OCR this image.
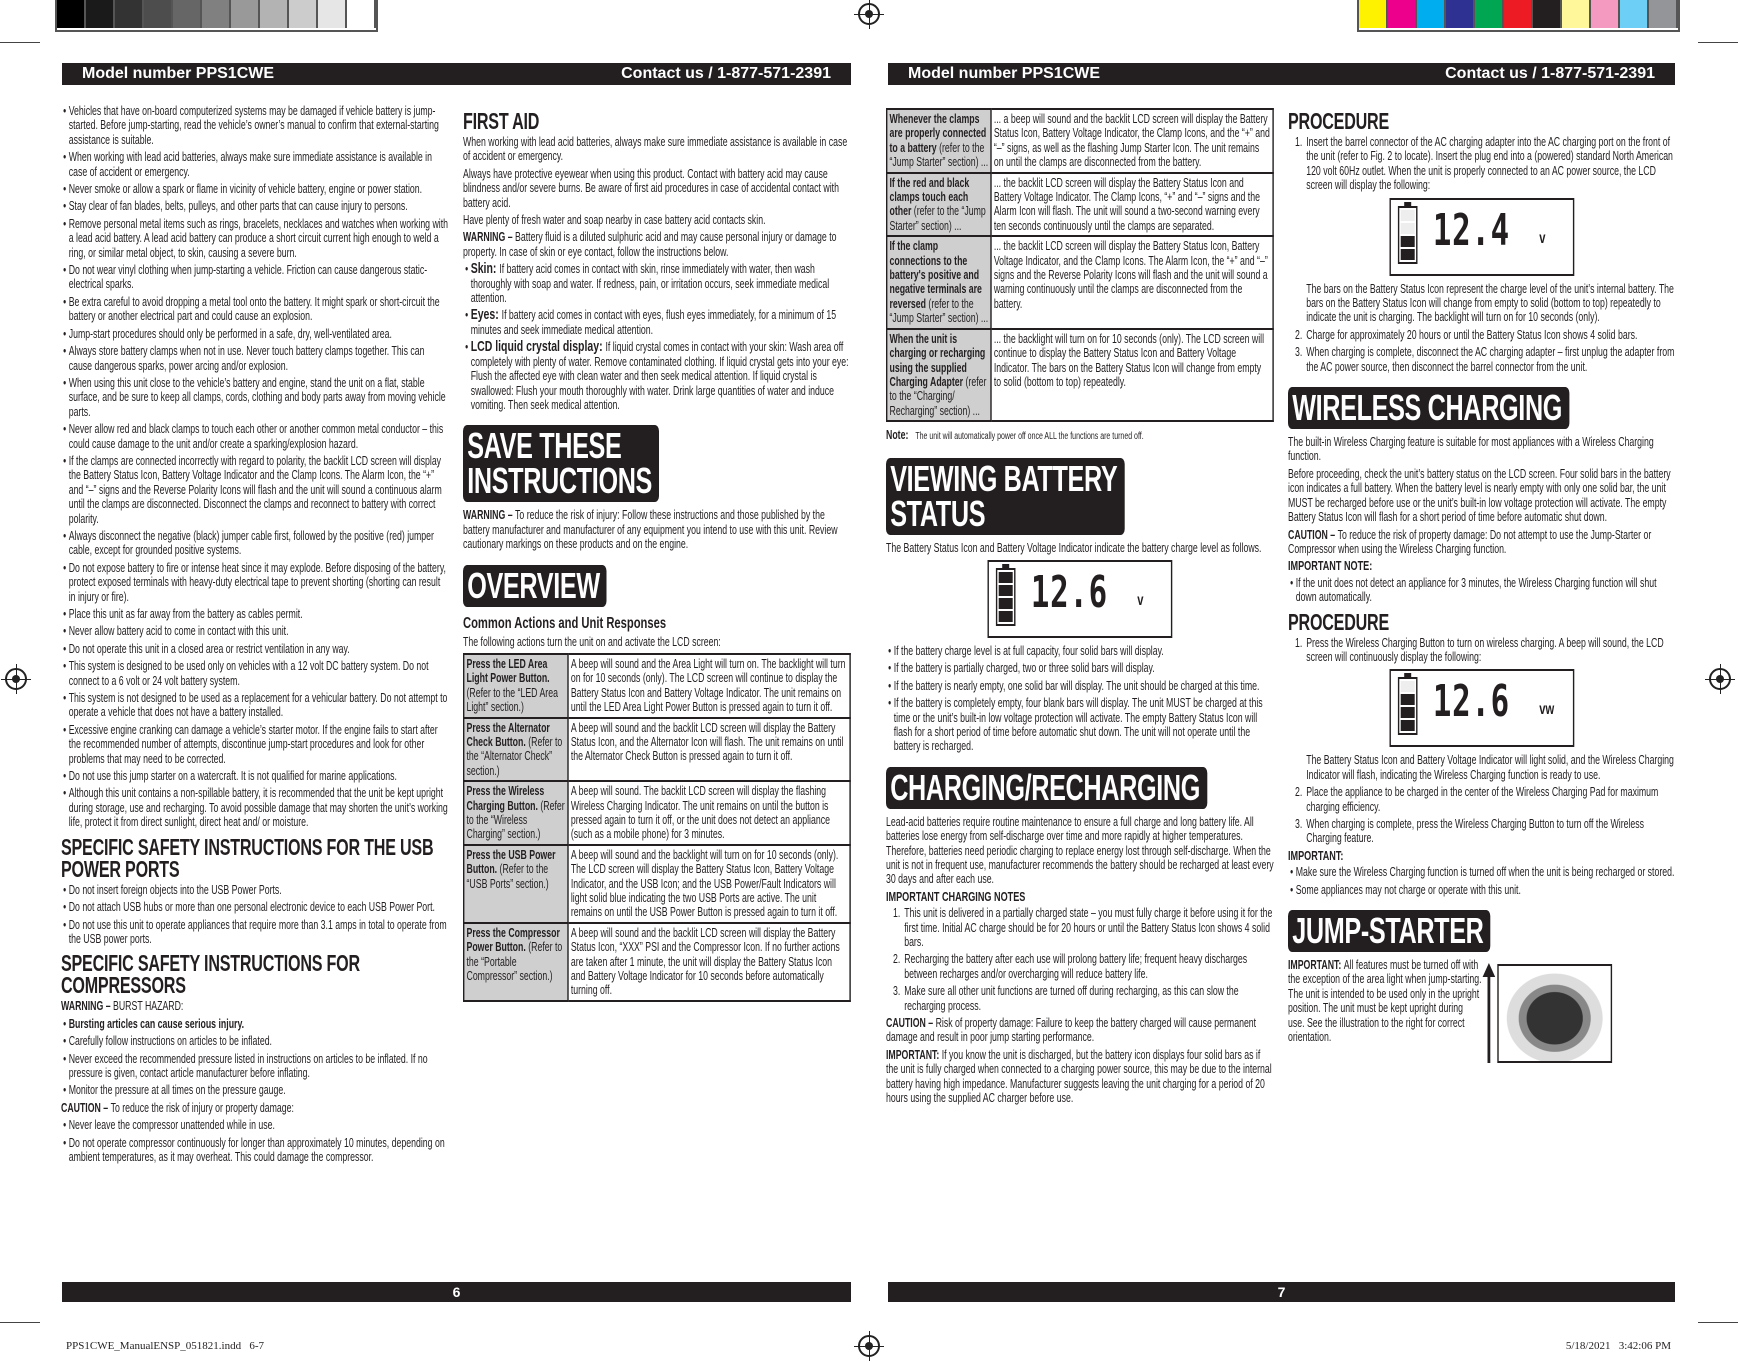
Model number PPS1CWE	Contact us / 1-877-571-2391	Model number PPS1CWE	Contact us / 1-877-571-2391

• Vehicles that have on-board computerized systems may be damaged if vehicle battery is jump-started. Before jump-starting, read the vehicle’s owner’s manual to confirm that external-starting assistance is suitable.

• When working with lead acid batteries, always make sure immediate assistance is available in case of accident or emergency.

• Never smoke or allow a spark or flame in vicinity of vehicle battery, engine or power station.

• Stay clear of fan blades, belts, pulleys, and other parts that can cause injury to persons.

• Remove personal metal items such as rings, bracelets, necklaces and watches when working with a lead acid battery. A lead acid battery can produce a short circuit current high enough to weld a ring, or similar metal object, to skin, causing a severe burn.

• Do not wear vinyl clothing when jump-starting a vehicle. Friction can cause dangerous static-electrical sparks.

• Be extra careful to avoid dropping a metal tool onto the battery. It might spark or short-circuit the battery or another electrical part and could cause an explosion.

• Jump-start procedures should only be performed in a safe, dry, well-ventilated area.

• Always store battery clamps when not in use. Never touch battery clamps together. This can cause dangerous sparks, power arcing and/or explosion.

• When using this unit close to the vehicle’s battery and engine, stand the unit on a flat, stable surface, and be sure to keep all clamps, cords, clothing and body parts away from moving vehicle parts.

• Never allow red and black clamps to touch each other or another common metal conductor – this could cause damage to the unit and/or create a sparking/explosion hazard.

• If the clamps are connected incorrectly with regard to polarity, the backlit LCD screen will display the Battery Status Icon, Battery Voltage Indicator and the Clamp Icons. The Alarm Icon, the “+” and “–” signs and the Reverse Polarity Icons will flash and the unit will sound a continuous alarm until the clamps are disconnected. Disconnect the clamps and reconnect to battery with correct polarity.

• Always disconnect the negative (black) jumper cable first, followed by the positive (red) jumper cable, except for grounded positive systems.

• Do not expose battery to fire or intense heat since it may explode. Before disposing of the battery, protect exposed terminals with heavy-duty electrical tape to prevent shorting (shorting can result in injury or fire).

• Place this unit as far away from the battery as cables permit.

• Never allow battery acid to come in contact with this unit.

• Do not operate this unit in a closed area or restrict ventilation in any way.

• This system is designed to be used only on vehicles with a 12 volt DC battery system. Do not connect to a 6 volt or 24 volt battery system.

• This system is not designed to be used as a replacement for a vehicular battery. Do not attempt to operate a vehicle that does not have a battery installed.

• Excessive engine cranking can damage a vehicle’s starter motor. If the engine fails to start after the recommended number of attempts, discontinue jump-start procedures and look for other problems that may need to be corrected.

• Do not use this jump starter on a watercraft. It is not qualified for marine applications.

• Although this unit contains a non-spillable battery, it is recommended that the unit be kept upright during storage, use and recharging. To avoid possible damage that may shorten the unit’s working life, protect it from direct sunlight, direct heat and/ or moisture.

SPECIFIC SAFETY INSTRUCTIONS FOR THE USB POWER PORTS

• Do not insert foreign objects into the USB Power Ports.

• Do not attach USB hubs or more than one personal electronic device to each USB Power Port.

• Do not use this unit to operate appliances that require more than 3.1 amps in total to operate from the USB power ports.

SPECIFIC SAFETY INSTRUCTIONS FOR COMPRESSORS

WARNING – BURST HAZARD:

• Bursting articles can cause serious injury.

• Carefully follow instructions on articles to be inflated.

• Never exceed the recommended pressure listed in instructions on articles to be inflated. If no pressure is given, contact article manufacturer before inflating.

• Monitor the pressure at all times on the pressure gauge.

CAUTION – To reduce the risk of injury or property damage:

• Never leave the compressor unattended while in use.

• Do not operate compressor continuously for longer than approximately 10 minutes, depending on ambient temperatures, as it may overheat. This could damage the compressor.

FIRST AID

When working with lead acid batteries, always make sure immediate assistance is available in case of accident or emergency.

Always have protective eyewear when using this product. Contact with battery acid may cause blindness and/or severe burns. Be aware of first aid procedures in case of accidental contact with battery acid.

Have plenty of fresh water and soap nearby in case battery acid contacts skin.

WARNING – Battery fluid is a diluted sulphuric acid and may cause personal injury or damage to property. In case of skin or eye contact, follow the instructions below.

• Skin: If battery acid comes in contact with skin, rinse immediately with water, then wash thoroughly with soap and water. If redness, pain, or irritation occurs, seek immediate medical attention.

• Eyes: If battery acid comes in contact with eyes, flush eyes immediately, for a minimum of 15 minutes and seek immediate medical attention.

• LCD liquid crystal display: If liquid crystal comes in contact with your skin: Wash area off completely with plenty of water. Remove contaminated clothing. If liquid crystal gets into your eye: Flush the affected eye with clean water and then seek medical attention. If liquid crystal is swallowed: Flush your mouth thoroughly with water. Drink large quantities of water and induce vomiting. Then seek medical attention.

SAVE THESE
INSTRUCTIONS

WARNING – To reduce the risk of injury: Follow these instructions and those published by the battery manufacturer and manufacturer of any equipment you intend to use with this unit. Review cautionary markings on these products and on the engine.

OVERVIEW
Common Actions and Unit Responses

The following actions turn the unit on and activate the LCD screen:

Press the LED Area Light Power Button. (Refer to the “LED Area Light” section.)	A beep will sound and the Area Light will turn on. The backlight will turn on for 10 seconds (only). The LCD screen will continue to display the Battery Status Icon and Battery Voltage Indicator. The unit remains on until the LED Area Light Power Button is pressed again to turn it off.
Press the Alternator Check Button. (Refer to the “Alternator Check” section.)	A beep will sound and the backlit LCD screen will display the Battery Status Icon, and the Alternator Icon will flash. The unit remains on until the Alternator Check Button is pressed again to turn it off.
Press the Wireless Charging Button. (Refer to the “Wireless Charging” section.)	A beep will sound. The backlit LCD screen will display the flashing Wireless Charging Indicator. The unit remains on until the button is pressed again to turn it off, or the unit does not detect an appliance (such as a mobile phone) for 3 minutes.
Press the USB Power Button. (Refer to the “USB Ports” section.)	A beep will sound and the backlight will turn on for 10 seconds (only). The LCD screen will display the Battery Status Icon, Battery Voltage Indicator, and the USB Icon; and the USB Power/Fault Indicators will light solid blue indicating the two USB Ports are active. The unit remains on until the USB Power Button is pressed again to turn it off.
Press the Compressor Power Button. (Refer to the “Portable Compressor” section.)	A beep will sound and the backlit LCD screen will display the Battery Status Icon, “XXX” PSI and the Compressor Icon. If no further actions are taken after 1 minute, the unit will display the Battery Status Icon and Battery Voltage Indicator for 10 seconds before automatically turning off.
Whenever the clamps are properly connected to a battery (refer to the “Jump Starter” section) ...	... a beep will sound and the backlit LCD screen will display the Battery Status Icon, Battery Voltage Indicator, the Clamp Icons, and the “+” and “–” signs, as well as the flashing Jump Starter Icon. The unit remains on until the clamps are disconnected from the battery.
If the red and black clamps touch each other (refer to the “Jump Starter” section) ...	... the backlit LCD screen will display the Battery Status Icon and Battery Voltage Indicator. The Clamp Icons, “+” and “–” signs and the Alarm Icon will flash. The unit will sound a two-second warning every ten seconds continuously until the clamps are separated.
If the clamp connections to the battery's positive and negative terminals are reversed (refer to the “Jump Starter” section) ...	... the backlit LCD screen will display the Battery Status Icon, Battery Voltage Indicator, and the Clamp Icons. The Alarm Icon, the “+” and “–” signs and the Reverse Polarity Icons will flash and the unit will sound a warning continuously until the clamps are disconnected from the battery.
When the unit is charging or recharging using the supplied Charging Adapter (refer to the “Charging/ Recharging” section) ...	... the backlight will turn on for 10 seconds (only). The LCD screen will continue to display the Battery Status Icon and Battery Voltage Indicator. The bars on the Battery Status Icon will change from empty to solid (bottom to top) repeatedly.

Note: The unit will automatically power off once ALL the functions are turned off.

VIEWING BATTERY
STATUS

The Battery Status Icon and Battery Voltage Indicator indicate the battery charge level as follows.

12.6 v

• If the battery charge level is at full capacity, four solid bars will display.

• If the battery is partially charged, two or three solid bars will display.

• If the battery is nearly empty, one solid bar will display. The unit should be charged at this time.

• If the battery is completely empty, four blank bars will display. The unit MUST be charged at this time or the unit’s built-in low voltage protection will activate. The empty Battery Status Icon will flash for a short period of time before automatic shut down. The unit will not operate until the battery is recharged.

CHARGING/RECHARGING

Lead-acid batteries require routine maintenance to ensure a full charge and long battery life. All batteries lose energy from self-discharge over time and more rapidly at higher temperatures. Therefore, batteries need periodic charging to replace energy lost through self-discharge. When the unit is not in frequent use, manufacturer recommends the battery should be recharged at least every 30 days and after each use.

IMPORTANT CHARGING NOTES

1. This unit is delivered in a partially charged state – you must fully charge it before using it for the first time. Initial AC charge should be for 20 hours or until the Battery Status Icon shows 4 solid bars.

2. Recharging the battery after each use will prolong battery life; frequent heavy discharges between recharges and/or overcharging will reduce battery life.

3. Make sure all other unit functions are turned off during recharging, as this can slow the recharging process.

CAUTION – Risk of property damage: Failure to keep the battery charged will cause permanent damage and result in poor jump starting performance.

IMPORTANT: If you know the unit is discharged, but the battery icon displays four solid bars as if the unit is fully charged when connected to a charging power source, this may be due to the internal battery having high impedance. Manufacturer suggests leaving the unit charging for a period of 20 hours using the supplied AC charger before use.

PROCEDURE

1. Insert the barrel connector of the AC charging adapter into the AC charging port on the front of the unit (refer to Fig. 2 to locate). Insert the plug end into a (powered) standard North American 120 volt 60Hz outlet. When the unit is properly connected to an AC power source, the LCD screen will display the following:

12.4 v

The bars on the Battery Status Icon represent the charge level of the unit’s internal battery. The bars on the Battery Status Icon will change from empty to solid (bottom to top) repeatedly to indicate the unit is charging. The backlight will turn on for 10 seconds (only).

2. Charge for approximately 20 hours or until the Battery Status Icon shows 4 solid bars.

3. When charging is complete, disconnect the AC charging adapter – first unplug the adapter from the AC power source, then disconnect the barrel connector from the unit.

WIRELESS CHARGING

The built-in Wireless Charging feature is suitable for most appliances with a Wireless Charging function.

Before proceeding, check the unit’s battery status on the LCD screen. Four solid bars in the battery icon indicates a full battery. When the battery level is nearly empty with only one solid bar, the unit MUST be recharged before use or the unit’s built-in low voltage protection will activate. The empty Battery Status Icon will flash for a short period of time before automatic shut down.

CAUTION – To reduce the risk of property damage: Do not attempt to use the Jump-Starter or Compressor when using the Wireless Charging function.

IMPORTANT NOTE:

• If the unit does not detect an appliance for 3 minutes, the Wireless Charging function will shut down automatically.

PROCEDURE

1. Press the Wireless Charging Button to turn on wireless charging. A beep will sound, the LCD screen will continuously display the following:

12.6 vw

The Battery Status Icon and Battery Voltage Indicator will light solid, and the Wireless Charging Indicator will flash, indicating the Wireless Charging function is ready to use.

2. Place the appliance to be charged in the center of the Wireless Charging Pad for maximum charging efficiency.

3. When charging is complete, press the Wireless Charging Button to turn off the Wireless Charging feature.

IMPORTANT:

• Make sure the Wireless Charging function is turned off when the unit is being recharged or stored.

• Some appliances may not charge or operate with this unit.

JUMP-STARTER

IMPORTANT: All features must be turned off with the exception of the area light when jump-starting. The unit is intended to be used only in the upright position. The unit must be kept upright during use. See the illustration to the right for correct orientation.

6	7
PPS1CWE_ManualENSP_051821.indd   6-7	5/18/2021   3:42:06 PM
